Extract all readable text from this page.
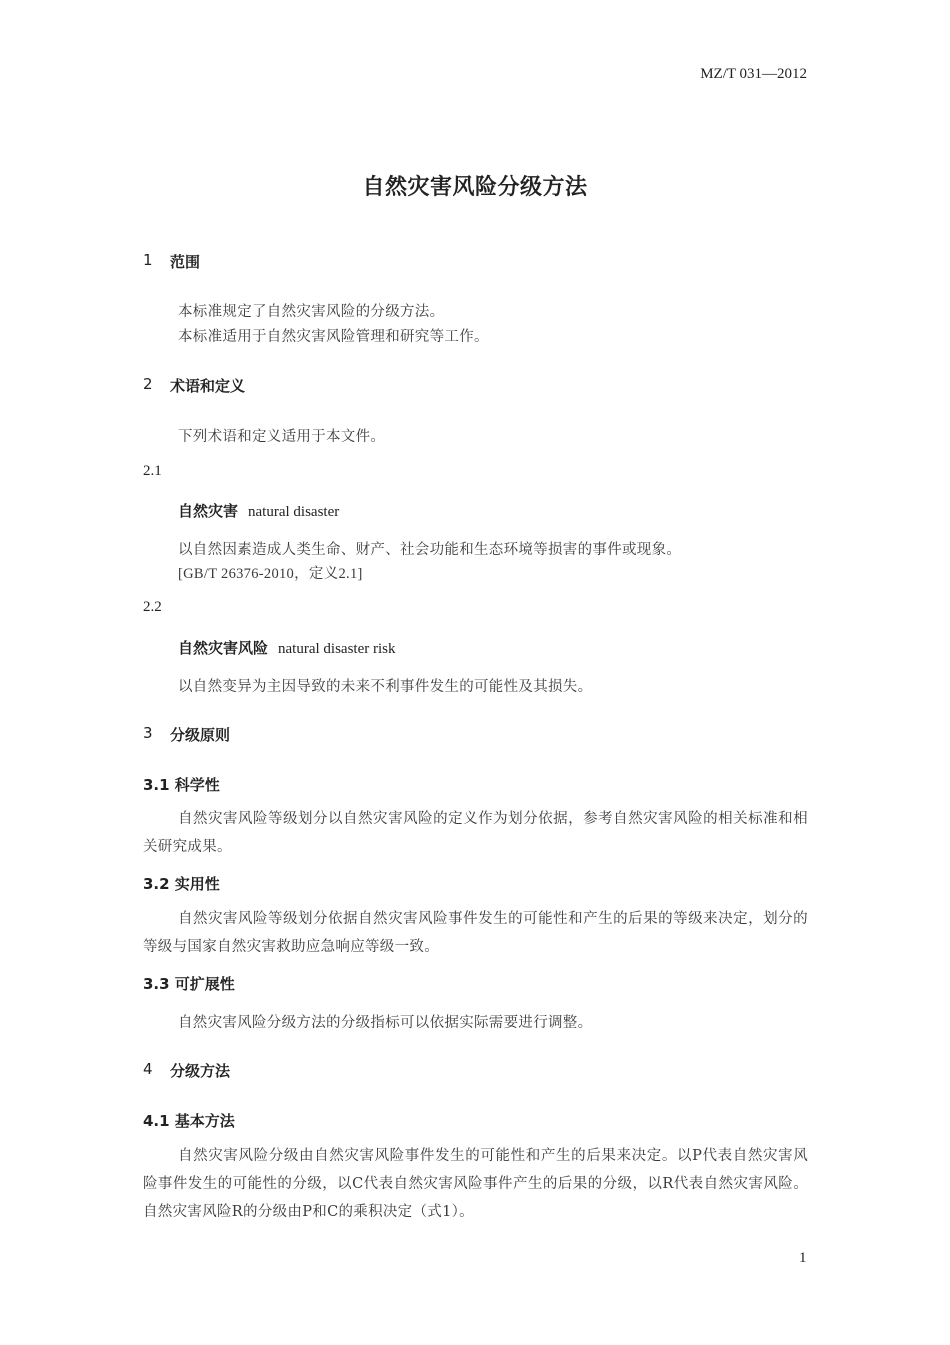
MZ/T 031—2012
自然灾害风险分级方法
1 范围
本标准规定了自然灾害风险的分级方法。
本标准适用于自然灾害风险管理和研究等工作。
2 术语和定义
下列术语和定义适用于本文件。
2.1
自然灾害 natural disaster
以自然因素造成人类生命、财产、社会功能和生态环境等损害的事件或现象。
[GB/T 26376-2010，定义2.1]
2.2
自然灾害风险 natural disaster risk
以自然变异为主因导致的未来不利事件发生的可能性及其损失。
3 分级原则
3.1 科学性
自然灾害风险等级划分以自然灾害风险的定义作为划分依据，参考自然灾害风险的相关标准和相关研究成果。
3.2 实用性
自然灾害风险等级划分依据自然灾害风险事件发生的可能性和产生的后果的等级来决定，划分的等级与国家自然灾害救助应急响应等级一致。
3.3 可扩展性
自然灾害风险分级方法的分级指标可以依据实际需要进行调整。
4 分级方法
4.1 基本方法
自然灾害风险分级由自然灾害风险事件发生的可能性和产生的后果来决定。以P代表自然灾害风险事件发生的可能性的分级，以C代表自然灾害风险事件产生的后果的分级，以R代表自然灾害风险。自然灾害风险R的分级由P和C的乘积决定（式1）。
1
